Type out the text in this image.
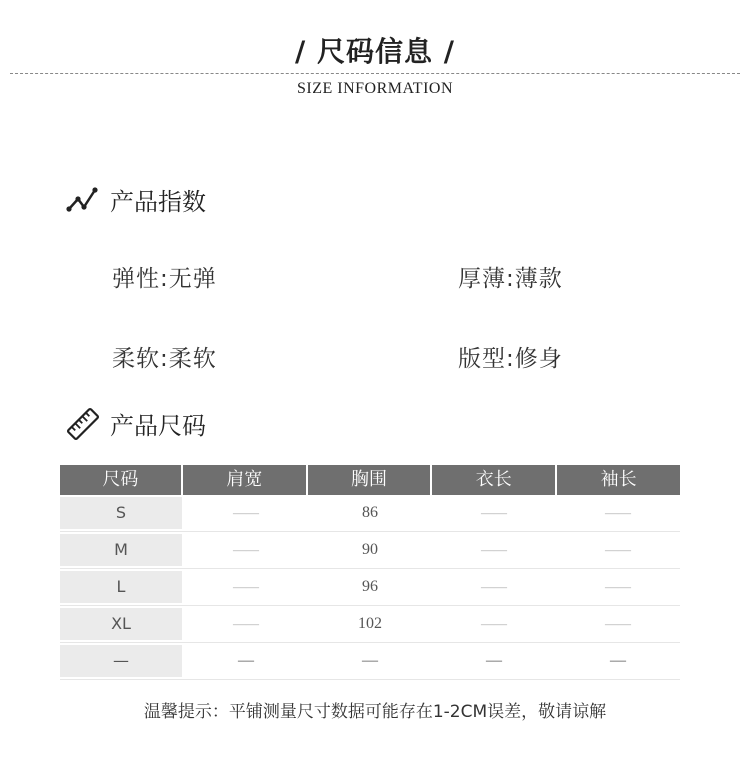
/ 尺码信息 /
SIZE INFORMATION
产品指数
弹性:无弹	厚薄:薄款
柔软:柔软	版型:修身
产品尺码
尺码	肩宽	胸围	衣长	袖长
S	——	86	——	——
M	——	90	——	——
L	——	96	——	——
XL	——	102	——	——
—	—	—	—	—
温馨提示：平铺测量尺寸数据可能存在1-2CM误差，敬请谅解
